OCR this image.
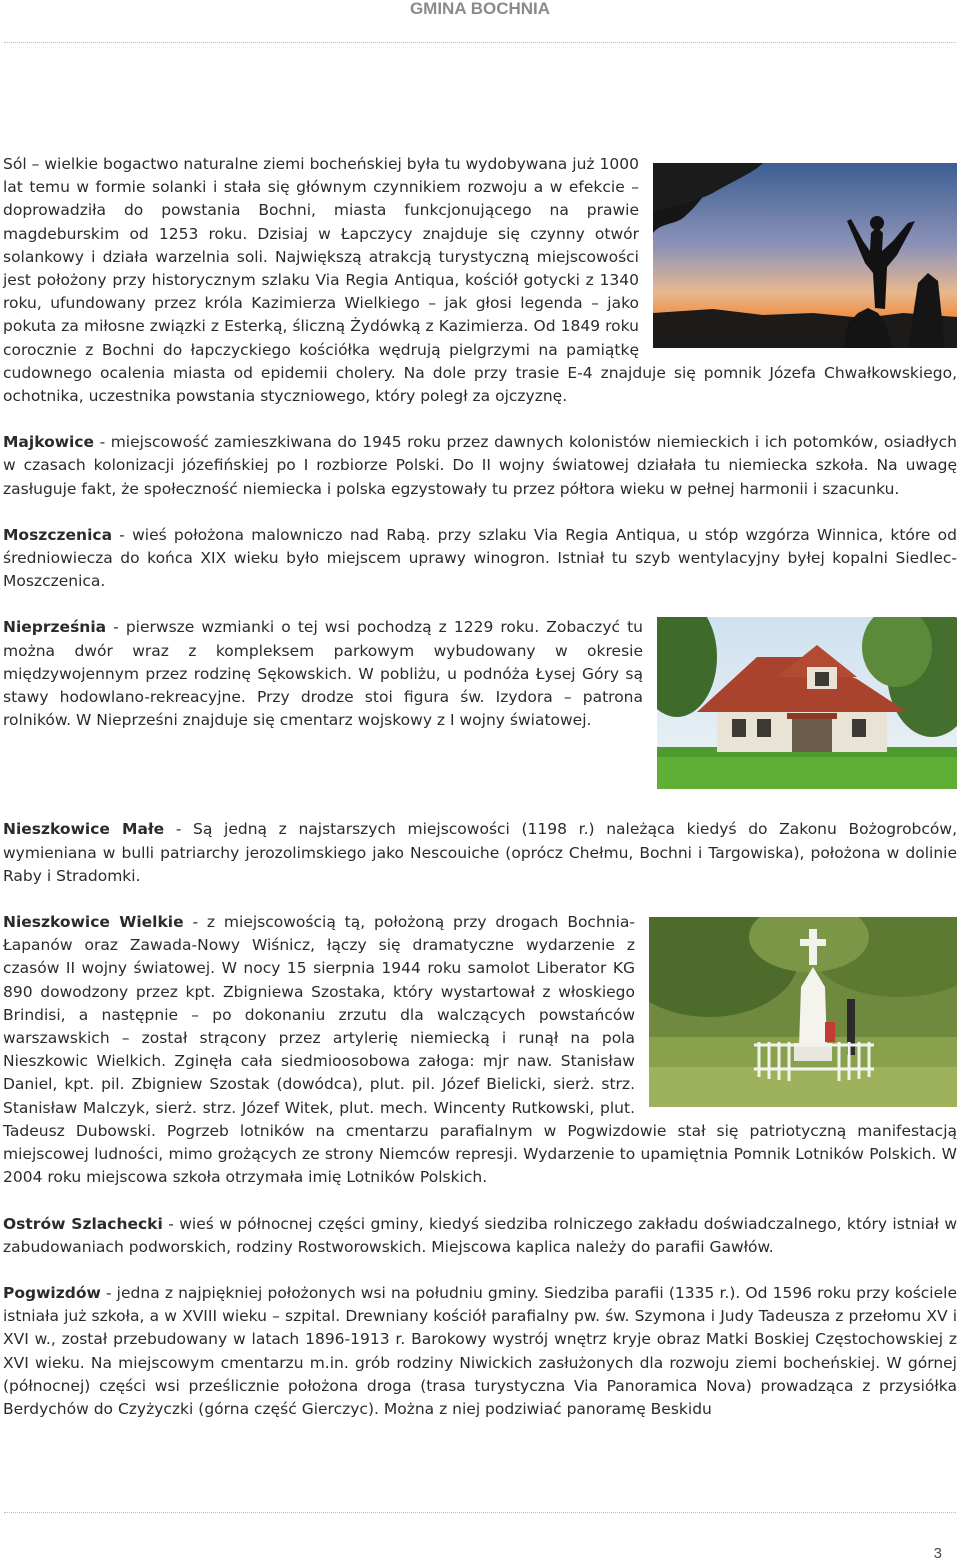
GMINA BOCHNIA

Sól – wielkie bogactwo naturalne ziemi bocheńskiej była tu wydobywana już 1000 lat temu w formie solanki i stała się głównym czynnikiem rozwoju a w efekcie – doprowadziła do powstania Bochni, miasta funkcjonującego na prawie magdeburskim od 1253 roku. Dzisiaj w Łapczycy znajduje się czynny otwór solankowy i działa warzelnia soli. Największą atrakcją turystyczną miejscowości jest położony przy historycznym szlaku Via Regia Antiqua, kościół gotycki z 1340 roku, ufundowany przez króla Kazimierza Wielkiego – jak głosi legenda – jako pokuta za miłosne związki z Esterką, śliczną Żydówką z Kazimierza. Od 1849 roku corocznie z Bochni do łapczyckiego kościółka wędrują pielgrzymi na pamiątkę cudownego ocalenia miasta od epidemii cholery. Na dole przy trasie E-4 znajduje się pomnik Józefa Chwałkowskiego, ochotnika, uczestnika powstania styczniowego, który poległ za ojczyznę.

Majkowice - miejscowość zamieszkiwana do 1945 roku przez dawnych kolonistów niemieckich i ich potomków, osiadłych w czasach kolonizacji józefińskiej po I rozbiorze Polski. Do II wojny światowej działała tu niemiecka szkoła. Na uwagę zasługuje fakt, że społeczność niemiecka i polska egzystowały tu przez półtora wieku w pełnej harmonii i szacunku.

Moszczenica - wieś położona malowniczo nad Rabą. przy szlaku Via Regia Antiqua, u stóp wzgórza Winnica, które od średniowiecza do końca XIX wieku było miejscem uprawy winogron. Istniał tu szyb wentylacyjny byłej kopalni Siedlec-Moszczenica.

Nieprześnia - pierwsze wzmianki o tej wsi pochodzą z 1229 roku. Zobaczyć tu można dwór wraz z kompleksem parkowym wybudowany w okresie międzywojennym przez rodzinę Sękowskich. W pobliżu, u podnóża Łysej Góry są stawy hodowlano-rekreacyjne. Przy drodze stoi figura św. Izydora – patrona rolników. W Nieprześni znajduje się cmentarz wojskowy z I wojny światowej.

Nieszkowice Małe - Są jedną z najstarszych miejscowości (1198 r.) należąca kiedyś do Zakonu Bożogrobców, wymieniana w bulli patriarchy jerozolimskiego jako Nescouiche (oprócz Chełmu, Bochni i Targowiska), położona w dolinie Raby i Stradomki.

Nieszkowice Wielkie - z miejscowością tą, położoną przy drogach Bochnia-Łapanów oraz Zawada-Nowy Wiśnicz, łączy się dramatyczne wydarzenie z czasów II wojny światowej. W nocy 15 sierpnia 1944 roku samolot Liberator KG 890 dowodzony przez kpt. Zbigniewa Szostaka, który wystartował z włoskiego Brindisi, a następnie – po dokonaniu zrzutu dla walczących powstańców warszawskich – został strącony przez artylerię niemiecką i runął na pola Nieszkowic Wielkich. Zginęła cała siedmioosobowa załoga: mjr naw. Stanisław Daniel, kpt. pil. Zbigniew Szostak (dowódca), plut. pil. Józef Bielicki, sierż. strz. Stanisław Malczyk, sierż. strz. Józef Witek, plut. mech. Wincenty Rutkowski, plut. Tadeusz Dubowski. Pogrzeb lotników na cmentarzu parafialnym w Pogwizdowie stał się patriotyczną manifestacją miejscowej ludności, mimo grożących ze strony Niemców represji. Wydarzenie to upamiętnia Pomnik Lotników Polskich. W 2004 roku miejscowa szkoła otrzymała imię Lotników Polskich.

Ostrów Szlachecki - wieś w północnej części gminy, kiedyś siedziba rolniczego zakładu doświadczalnego, który istniał w zabudowaniach podworskich, rodziny Rostworowskich. Miejscowa kaplica należy do parafii Gawłów.

Pogwizdów - jedna z najpiękniej położonych wsi na południu gminy. Siedziba parafii (1335 r.). Od 1596 roku przy kościele istniała już szkoła, a w XVIII wieku – szpital. Drewniany kościół parafialny pw. św. Szymona i Judy Tadeusza z przełomu XV i XVI w., został przebudowany w latach 1896-1913 r. Barokowy wystrój wnętrz kryje obraz Matki Boskiej Częstochowskiej z XVI wieku. Na miejscowym cmentarzu m.in. grób rodziny Niwickich zasłużonych dla rozwoju ziemi bocheńskiej. W górnej (północnej) części wsi prześlicznie położona droga (trasa turystyczna Via Panoramica Nova) prowadząca z przysiółka Berdychów do Czyżyczki (górna część Gierczyc). Można z niej podziwiać panoramę Beskidu

3
